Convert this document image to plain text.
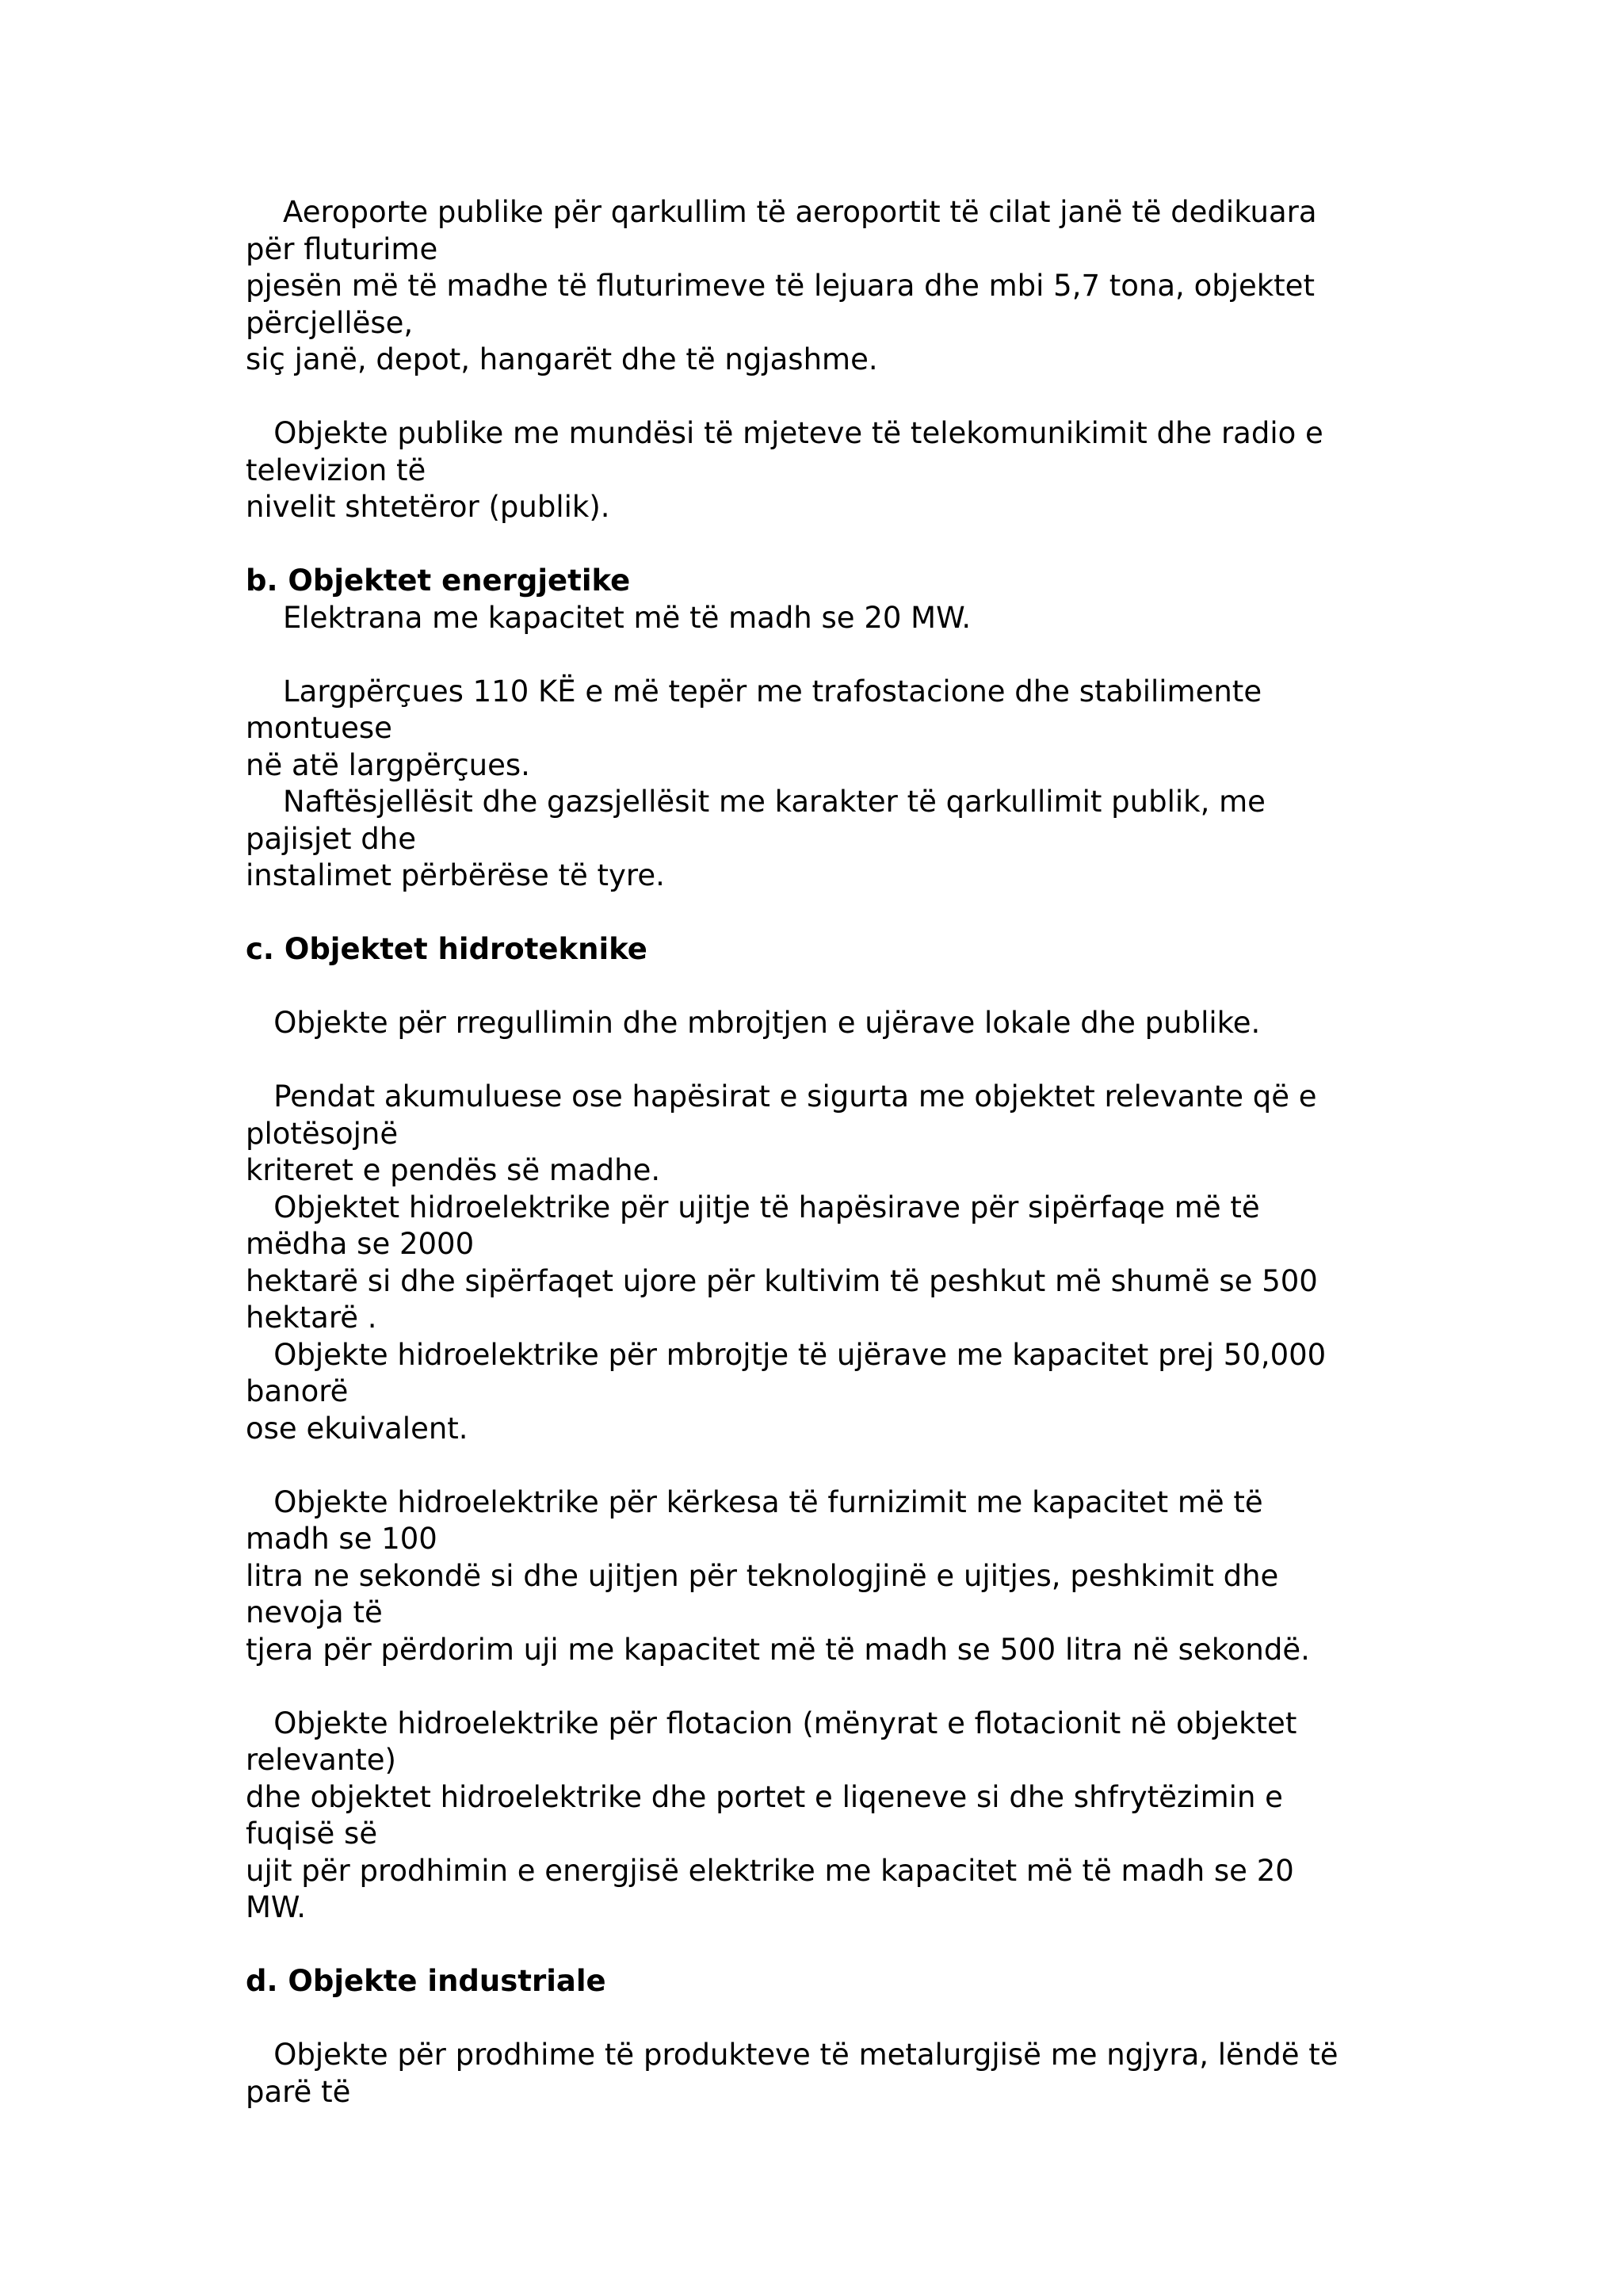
Aeroporte publike për qarkullim të aeroportit të cilat janë të dedikuara
për fluturime
pjesën më të madhe të fluturimeve të lejuara dhe mbi 5,7 tona, objektet
përcjellëse,
siç janë, depot, hangarët dhe të ngjashme.
Objekte publike me mundësi të mjeteve të telekomunikimit dhe radio e
televizion të
nivelit shtetëror (publik).
b. Objektet energjetike
Elektrana me kapacitet më të madh se 20 MW.
Largpërçues 110 KË e më tepër me trafostacione dhe stabilimente
montuese
në atë largpërçues.
Naftësjellësit dhe gazsjellësit me karakter të qarkullimit publik, me
pajisjet dhe
instalimet përbërëse të tyre.
c. Objektet hidroteknike
Objekte për rregullimin dhe mbrojtjen e ujërave lokale dhe publike.
Pendat akumuluese ose hapësirat e sigurta me objektet relevante që e
plotësojnë
kriteret e pendës së madhe.
Objektet hidroelektrike për ujitje të hapësirave për sipërfaqe më të
mëdha se 2000
hektarë si dhe sipërfaqet ujore për kultivim të peshkut më shumë se 500
hektarë .
Objekte hidroelektrike për mbrojtje të ujërave me kapacitet prej 50,000
banorë
ose ekuivalent.
Objekte hidroelektrike për kërkesa të furnizimit me kapacitet më të
madh se 100
litra ne sekondë si dhe ujitjen për teknologjinë e ujitjes, peshkimit dhe
nevoja të
tjera për përdorim uji me kapacitet më të madh se 500 litra në sekondë.
Objekte hidroelektrike për flotacion (mënyrat e flotacionit në objektet
relevante)
dhe objektet hidroelektrike dhe portet e liqeneve si dhe shfrytëzimin e
fuqisë së
ujit për prodhimin e energjisë elektrike me kapacitet më të madh se 20
MW.
d. Objekte industriale
Objekte për prodhime të produkteve të metalurgjisë me ngjyra, lëndë të
parë të
